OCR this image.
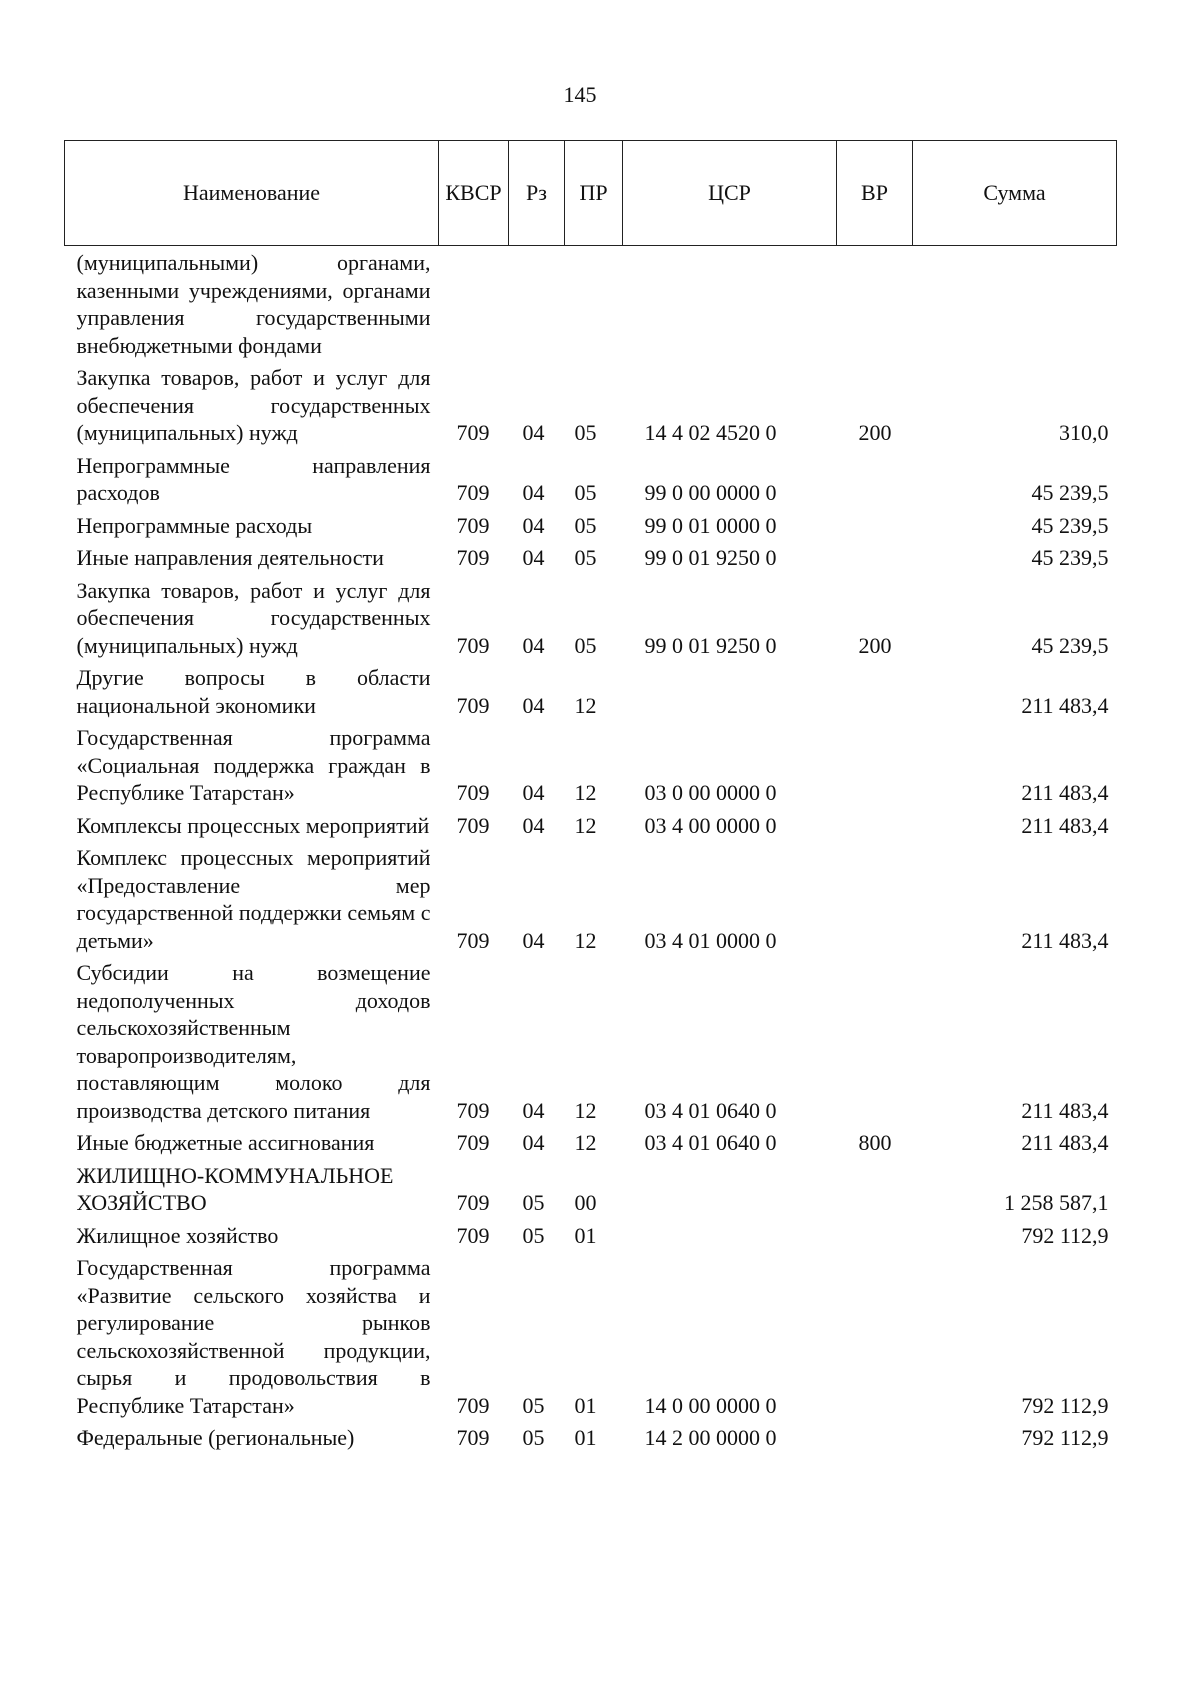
145
Наименование	КВСР	Рз	ПР	ЦСР	ВР	Сумма
(муниципальными) органами, казенными учреждениями, органами управления государственными внебюджетными фондами						
Закупка товаров, работ и услуг для обеспечения государственных (муниципальных) нужд	709	04	05	14 4 02 4520 0	200	310,0
Непрограммные направления расходов	709	04	05	99 0 00 0000 0		45 239,5
Непрограммные расходы	709	04	05	99 0 01 0000 0		45 239,5
Иные направления деятельности	709	04	05	99 0 01 9250 0		45 239,5
Закупка товаров, работ и услуг для обеспечения государственных (муниципальных) нужд	709	04	05	99 0 01 9250 0	200	45 239,5
Другие вопросы в области национальной экономики	709	04	12			211 483,4
Государственная программа «Социальная поддержка граждан в Республике Татарстан»	709	04	12	03 0 00 0000 0		211 483,4
Комплексы процессных мероприятий	709	04	12	03 4 00 0000 0		211 483,4
Комплекс процессных мероприятий «Предоставление мер государственной поддержки семьям с детьми»	709	04	12	03 4 01 0000 0		211 483,4
Субсидии на возмещение недополученных доходов сельскохозяйственным товаропроизводителям, поставляющим молоко для производства детского питания	709	04	12	03 4 01 0640 0		211 483,4
Иные бюджетные ассигнования	709	04	12	03 4 01 0640 0	800	211 483,4
ЖИЛИЩНО-КОММУНАЛЬНОЕ ХОЗЯЙСТВО	709	05	00			1 258 587,1
Жилищное хозяйство	709	05	01			792 112,9
Государственная программа «Развитие сельского хозяйства и регулирование рынков сельскохозяйственной продукции, сырья и продовольствия в Республике Татарстан»	709	05	01	14 0 00 0000 0		792 112,9
Федеральные (региональные)	709	05	01	14 2 00 0000 0		792 112,9
